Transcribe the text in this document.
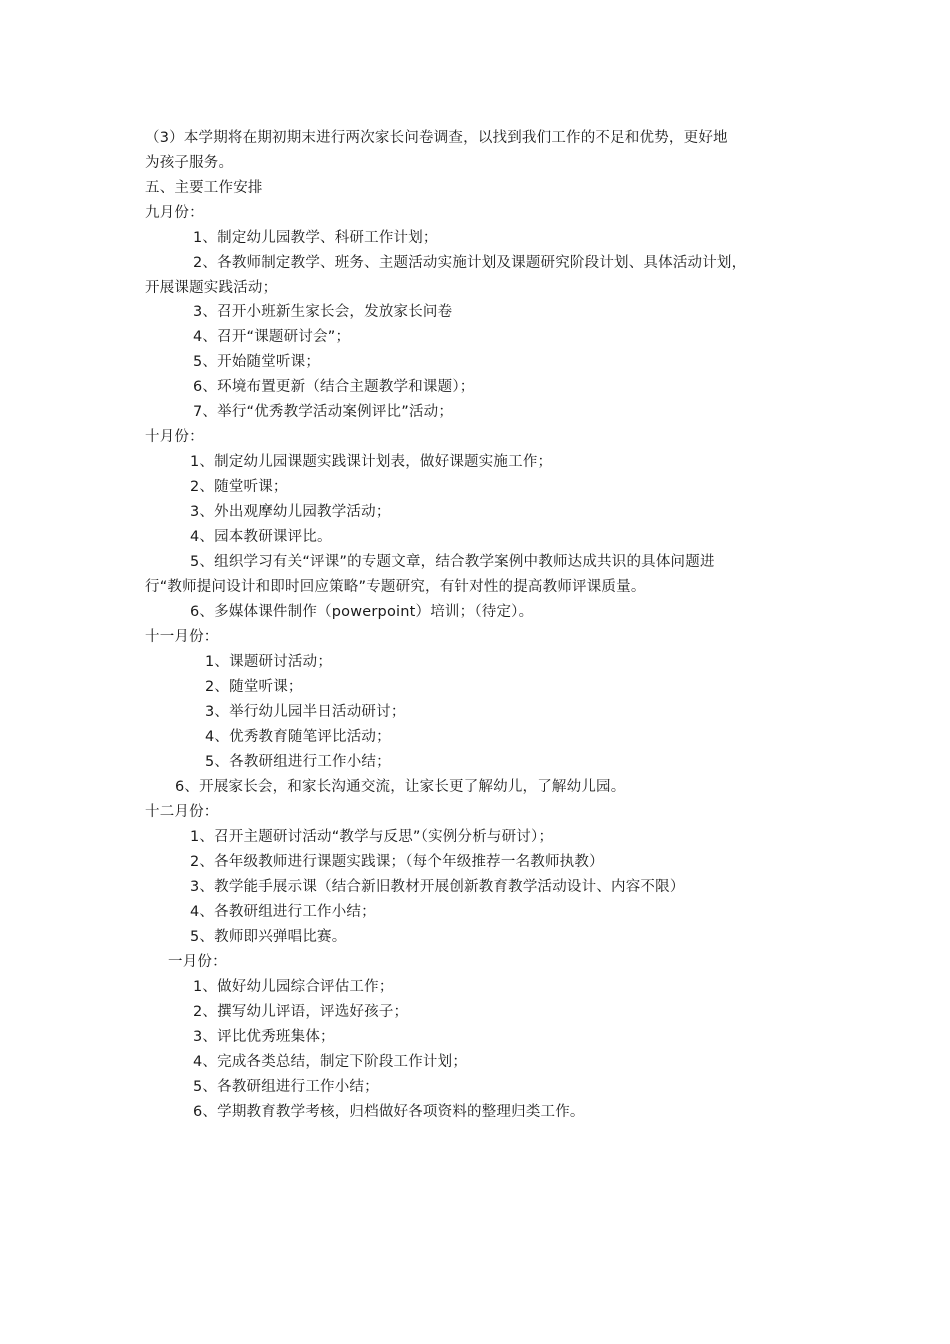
（3）本学期将在期初期末进行两次家长问卷调查，以找到我们工作的不足和优势，更好地
为孩子服务。
五、主要工作安排
九月份：
1、制定幼儿园教学、科研工作计划；
2、各教师制定教学、班务、主题活动实施计划及课题研究阶段计划、具体活动计划，
开展课题实践活动；
3、召开小班新生家长会，发放家长问卷
4、召开“课题研讨会”；
5、开始随堂听课；
6、环境布置更新（结合主题教学和课题）；
7、举行“优秀教学活动案例评比”活动；
十月份：
1、制定幼儿园课题实践课计划表，做好课题实施工作；
2、随堂听课；
3、外出观摩幼儿园教学活动；
4、园本教研课评比。
5、组织学习有关“评课”的专题文章，结合教学案例中教师达成共识的具体问题进
行“教师提问设计和即时回应策略”专题研究，有针对性的提高教师评课质量。
6、多媒体课件制作（powerpoint）培训；（待定）。
十一月份：
1、课题研讨活动；
2、随堂听课；
3、举行幼儿园半日活动研讨；
4、优秀教育随笔评比活动；
5、各教研组进行工作小结；
6、开展家长会，和家长沟通交流，让家长更了解幼儿，了解幼儿园。
十二月份：
1、召开主题研讨活动“教学与反思”（实例分析与研讨）；
2、各年级教师进行课题实践课；（每个年级推荐一名教师执教）
3、教学能手展示课（结合新旧教材开展创新教育教学活动设计、内容不限）
4、各教研组进行工作小结；
5、教师即兴弹唱比赛。
一月份：
1、做好幼儿园综合评估工作；
2、撰写幼儿评语，评选好孩子；
3、评比优秀班集体；
4、完成各类总结，制定下阶段工作计划；
5、各教研组进行工作小结；
6、学期教育教学考核，归档做好各项资料的整理归类工作。
